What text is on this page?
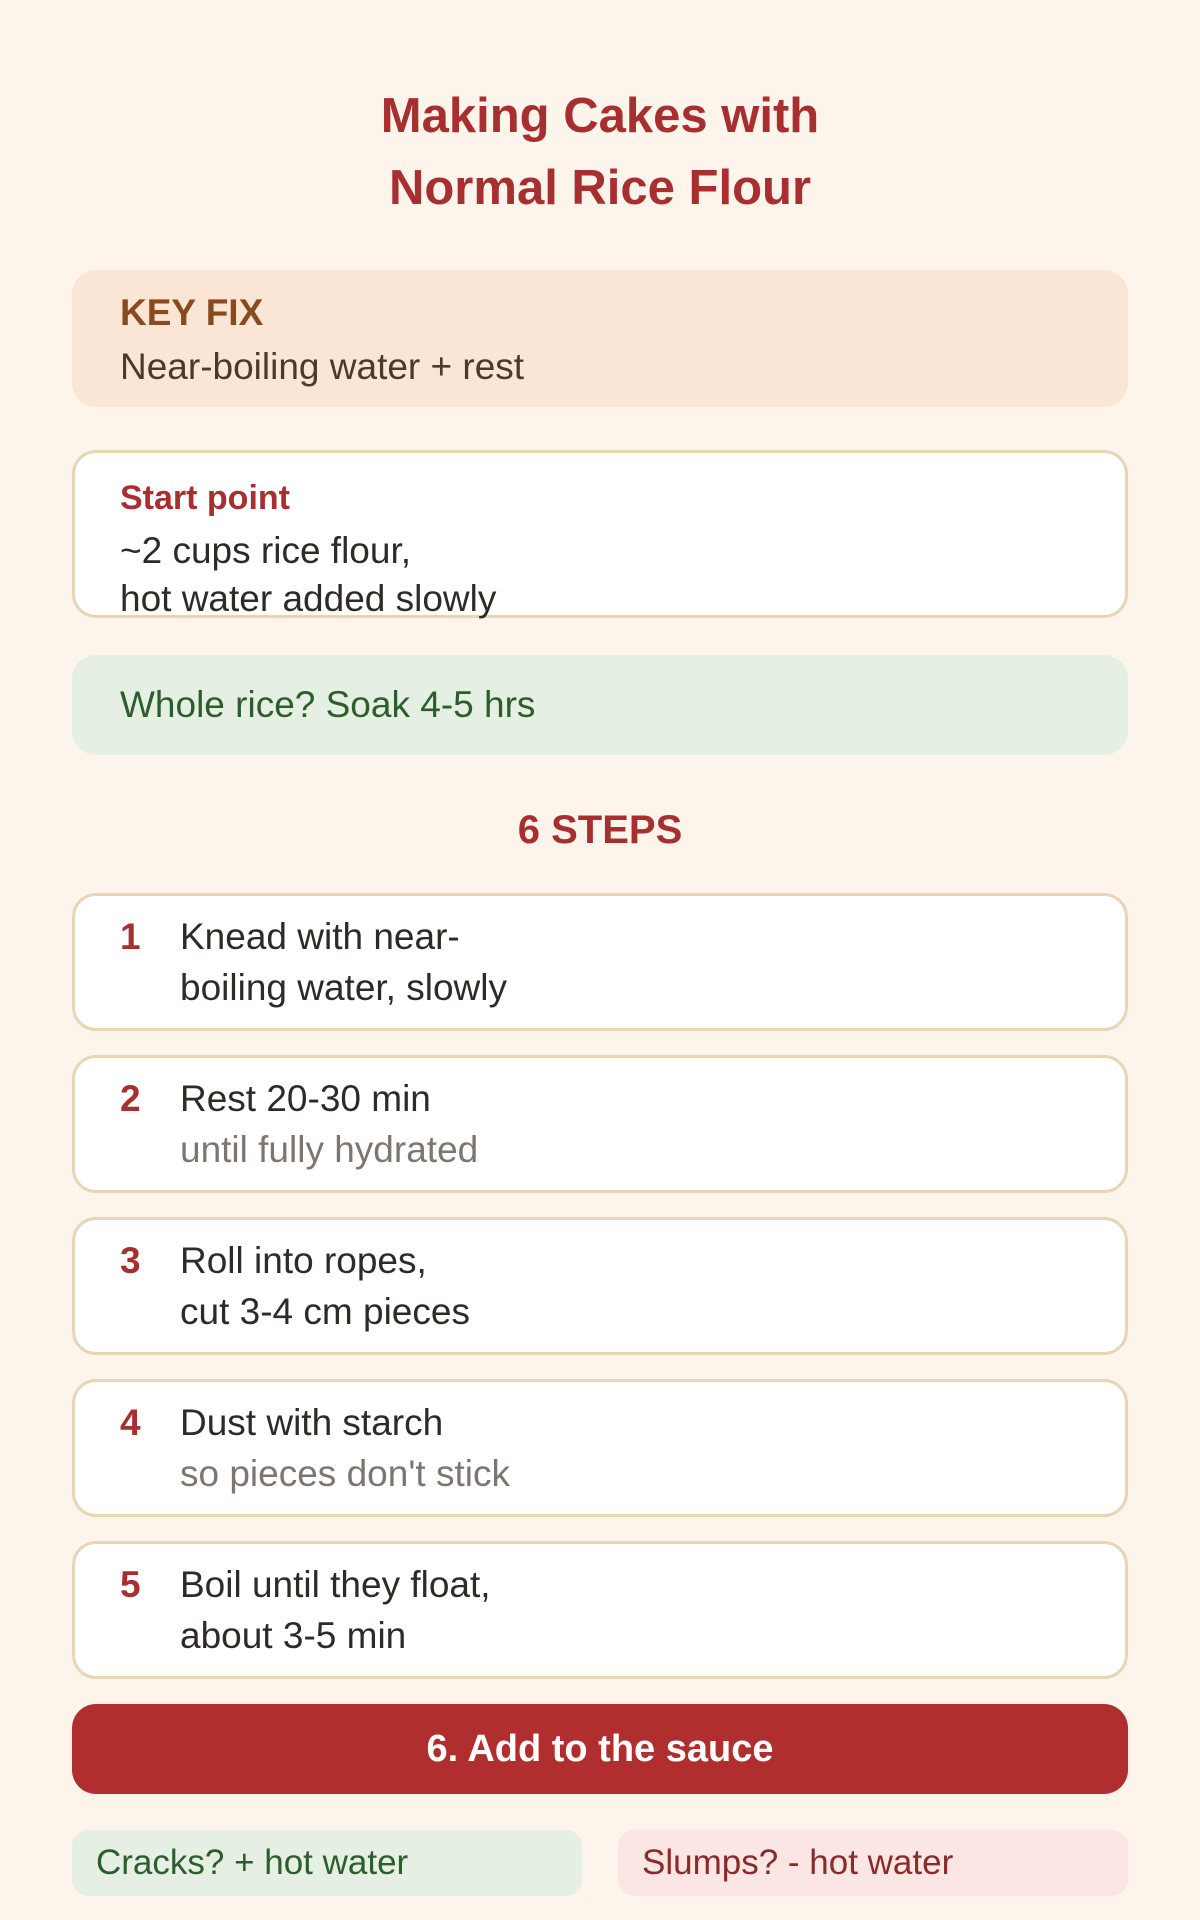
Making Cakes with
Normal Rice Flour
KEY FIX
Near-boiling water + rest
Start point
~2 cups rice flour,
hot water added slowly
Whole rice? Soak 4-5 hrs
6 STEPS
1 Knead with near-
boiling water, slowly
2 Rest 20-30 min
until fully hydrated
3 Roll into ropes,
cut 3-4 cm pieces
4 Dust with starch
so pieces don't stick
5 Boil until they float,
about 3-5 min
6. Add to the sauce
Cracks? + hot water	Slumps? - hot water
